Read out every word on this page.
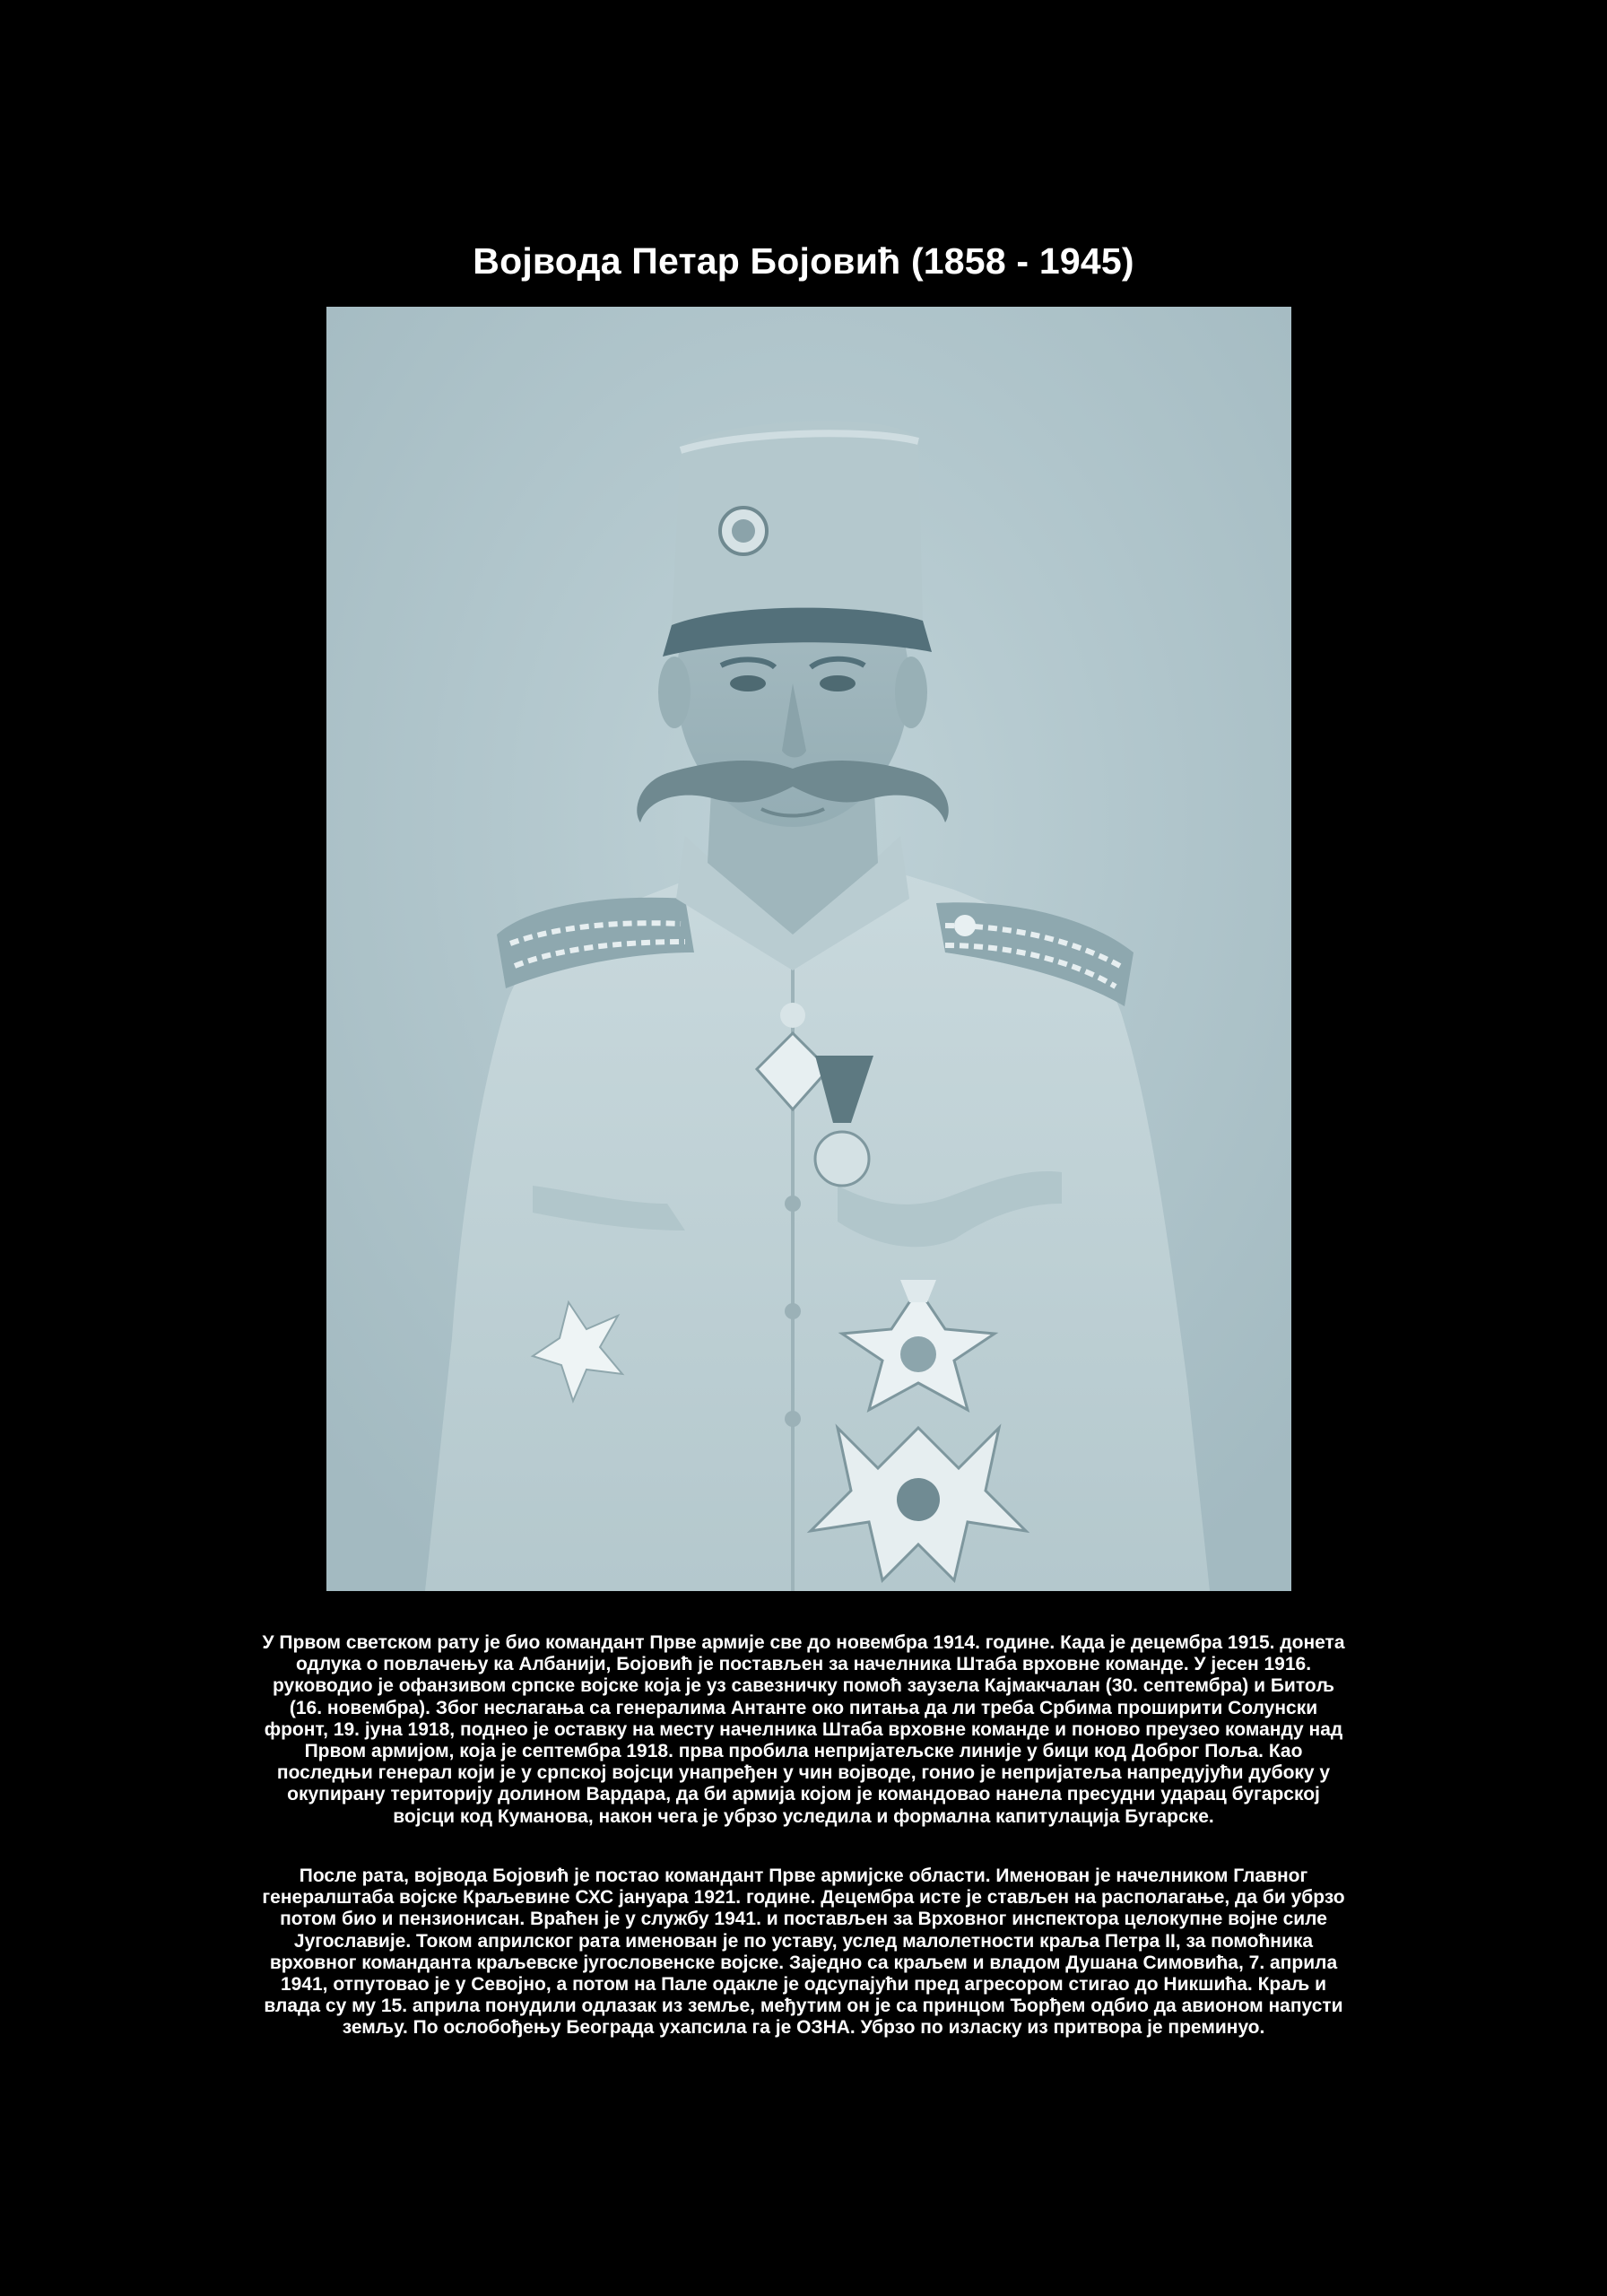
Војвода Петар Бојовић (1858 - 1945)

У Првом светском рату је био командант Прве армије све до новембра 1914. године. Када је децембра 1915. донета одлука о повлачењу ка Албанији, Бојовић је постављен за начелника Штаба врховне команде. У јесен 1916. руководио је офанзивом српске војске која је уз савезничку помоћ заузела Кајмакчалан (30. септембра) и Битољ (16. новембра). Због неслагања са генералима Антанте око питања да ли треба Србима проширити Солунски фронт, 19. јуна 1918, поднео је оставку на месту начелника Штаба врховне команде и поново преузео команду над Првом армијом, која је септембра 1918. прва пробила непријатељске линије у бици код Доброг Поља. Као последњи генерал који је у српској војсци унапређен у чин војводе, гонио је непријатеља напредујући дубоку у окупирану територију долином Вардара, да би армија којом је командовао нанела пресудни ударац бугарској војсци код Куманова, након чега је убрзо уследила и формална капитулација Бугарске.

После рата, војвода Бојовић је постао командант Прве армијске области. Именован је начелником Главног генералштаба војске Краљевине СХС јануара 1921. године. Децембра исте је стављен на располагање, да би убрзо потом био и пензионисан. Враћен је у службу 1941. и постављен за Врховног инспектора целокупне војне силе Југославије. Током априлског рата именован је по уставу, услед малолетности краља Петра II, за помоћника врховног команданта краљевске југословенске војске. Заједно са краљем и владом Душана Симовића, 7. априла 1941, отпутовао је у Севојно, а потом на Пале одакле је одсупајући пред агресором стигао до Никшића. Краљ и влада су му 15. априла понудили одлазак из земље, међутим он је са принцом Ђорђем одбио да авионом напусти земљу. По ослобођењу Београда ухапсила га је ОЗНА. Убрзо по изласку из притвора је преминуо.
